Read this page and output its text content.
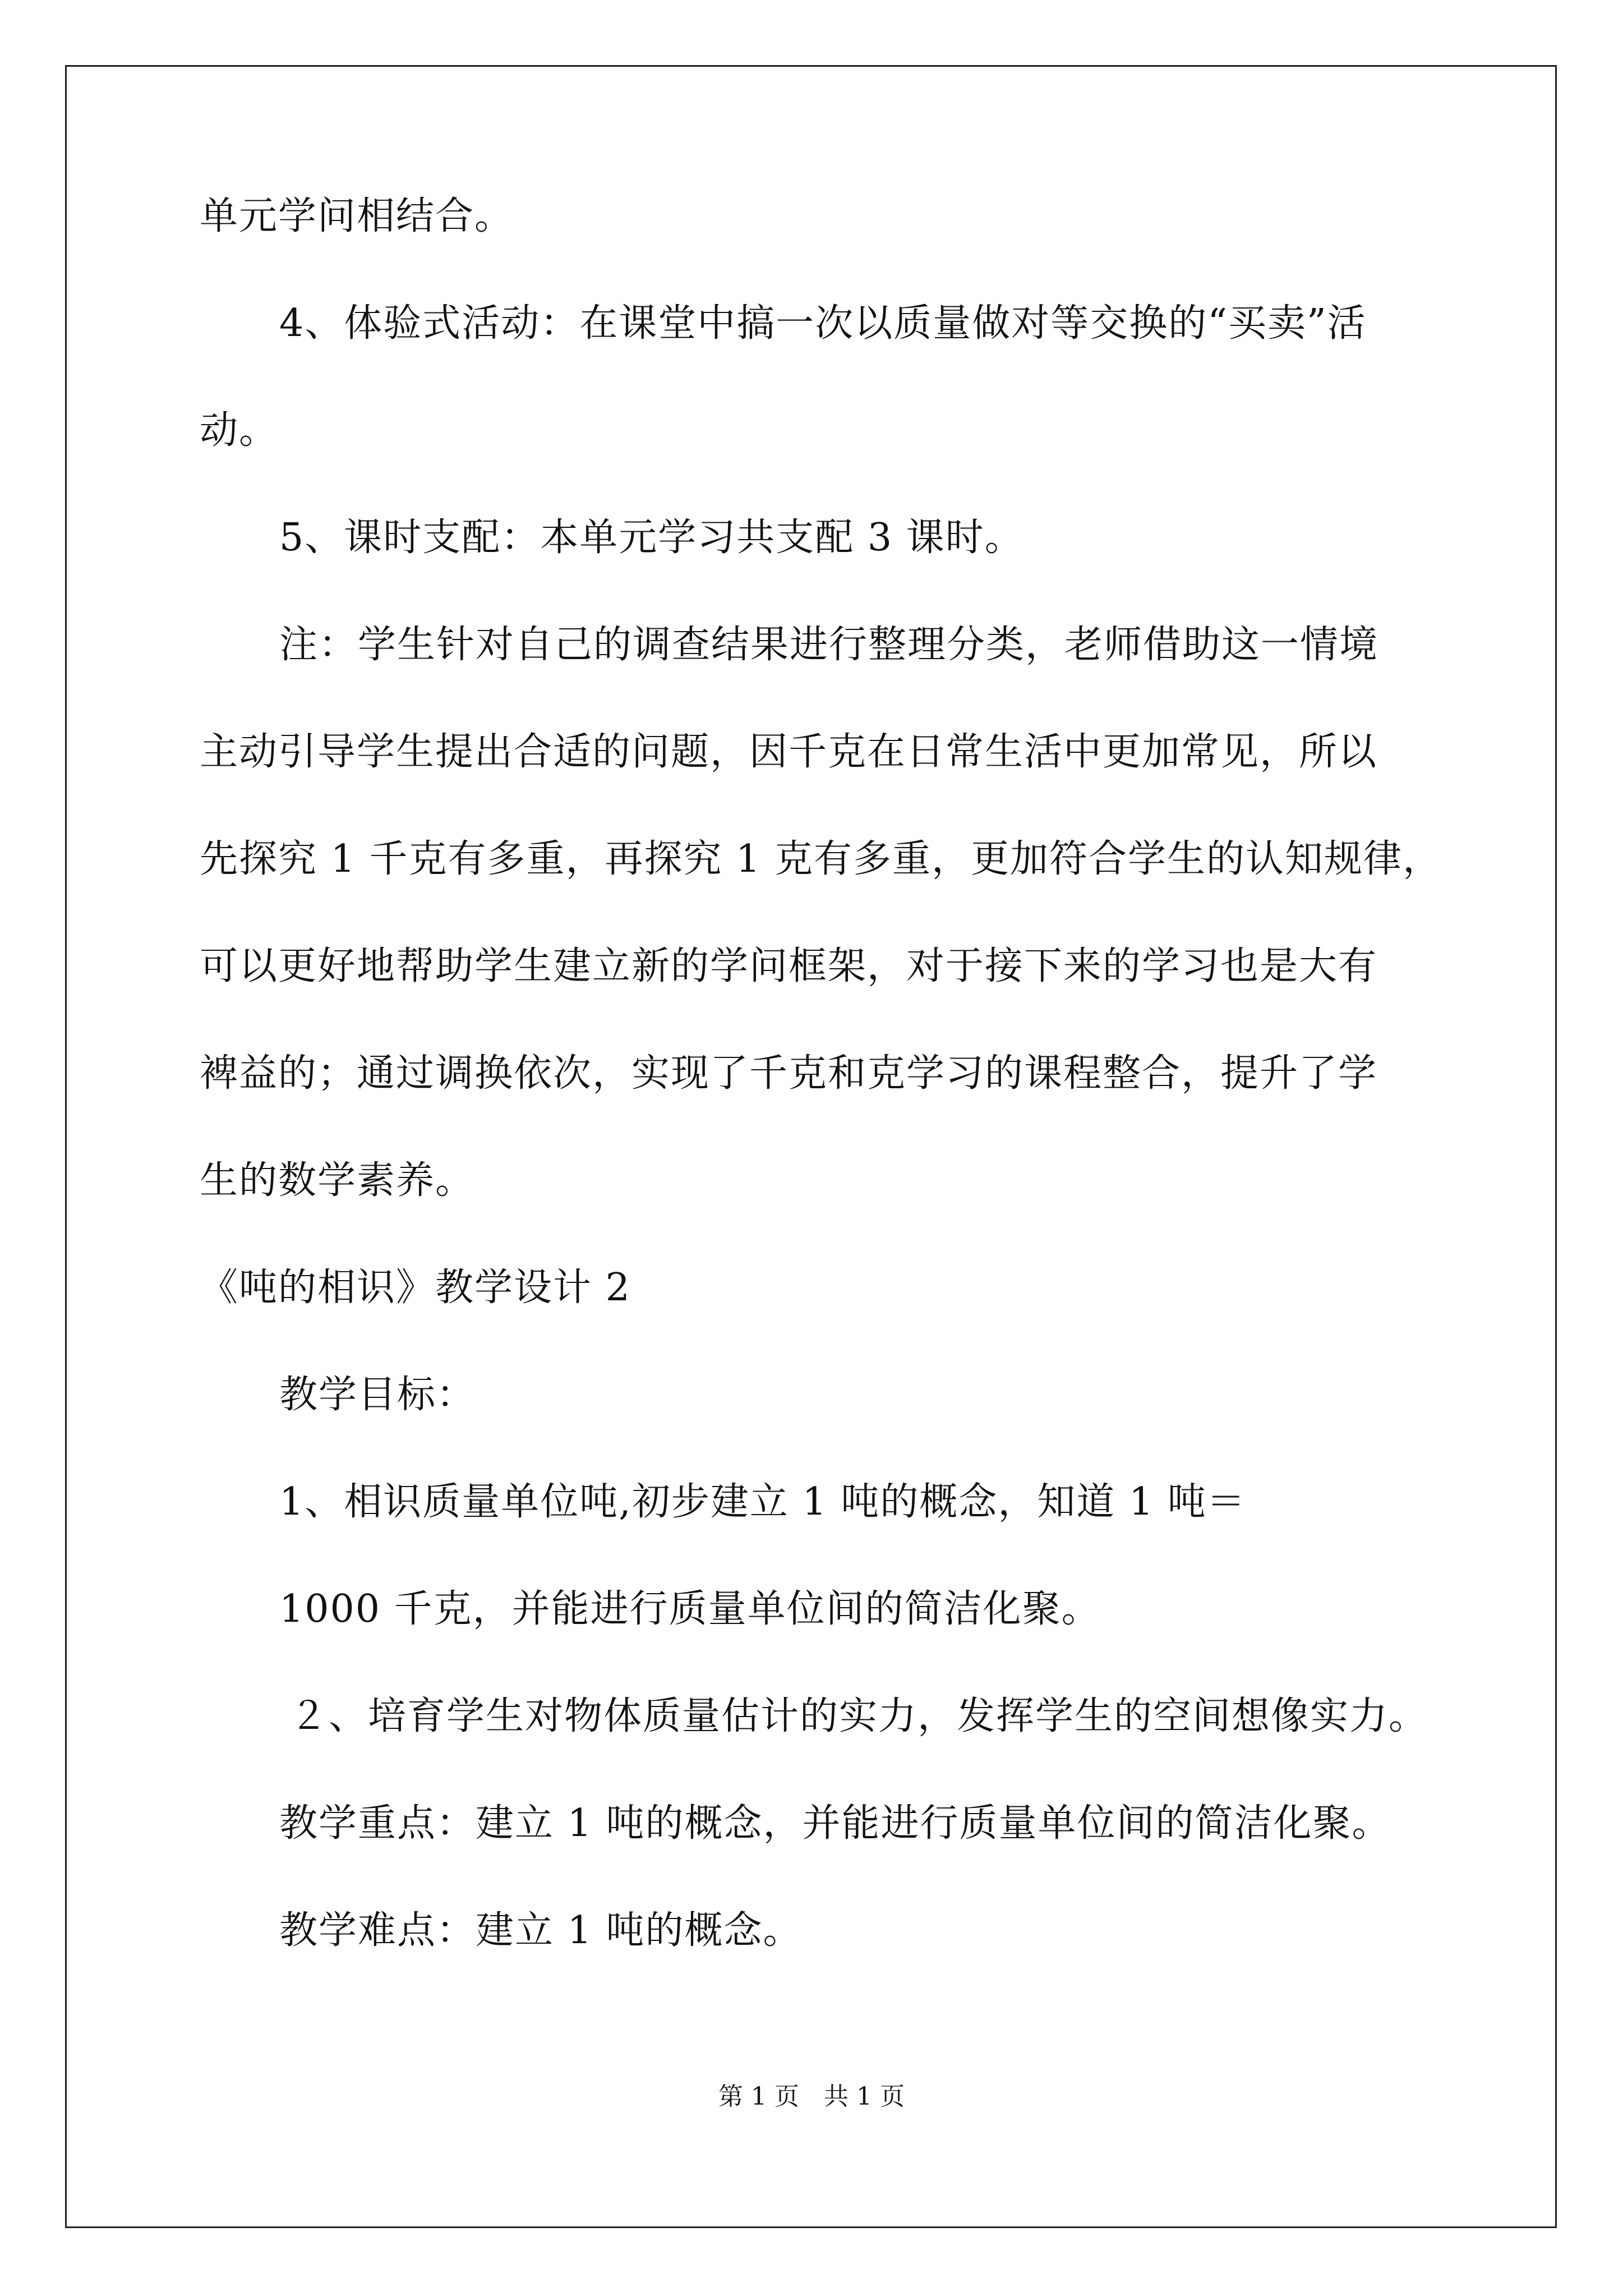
单元学问相结合。
4、体验式活动：在课堂中搞一次以质量做对等交换的“买卖”活
动。
5、课时支配：本单元学习共支配 3 课时。
注：学生针对自己的调查结果进行整理分类，老师借助这一情境
主动引导学生提出合适的问题，因千克在日常生活中更加常见，所以
先探究 1 千克有多重，再探究 1 克有多重，更加符合学生的认知规律，
可以更好地帮助学生建立新的学问框架，对于接下来的学习也是大有
裨益的；通过调换依次，实现了千克和克学习的课程整合，提升了学
生的数学素养。
《吨的相识》教学设计 2
教学目标：
1、相识质量单位吨,初步建立 1 吨的概念，知道 1 吨＝
1000 千克，并能进行质量单位间的简洁化聚。
２、培育学生对物体质量估计的实力，发挥学生的空间想像实力。
教学重点：建立 1 吨的概念，并能进行质量单位间的简洁化聚。
教学难点：建立 1 吨的概念。
第 1 页　共 1 页
